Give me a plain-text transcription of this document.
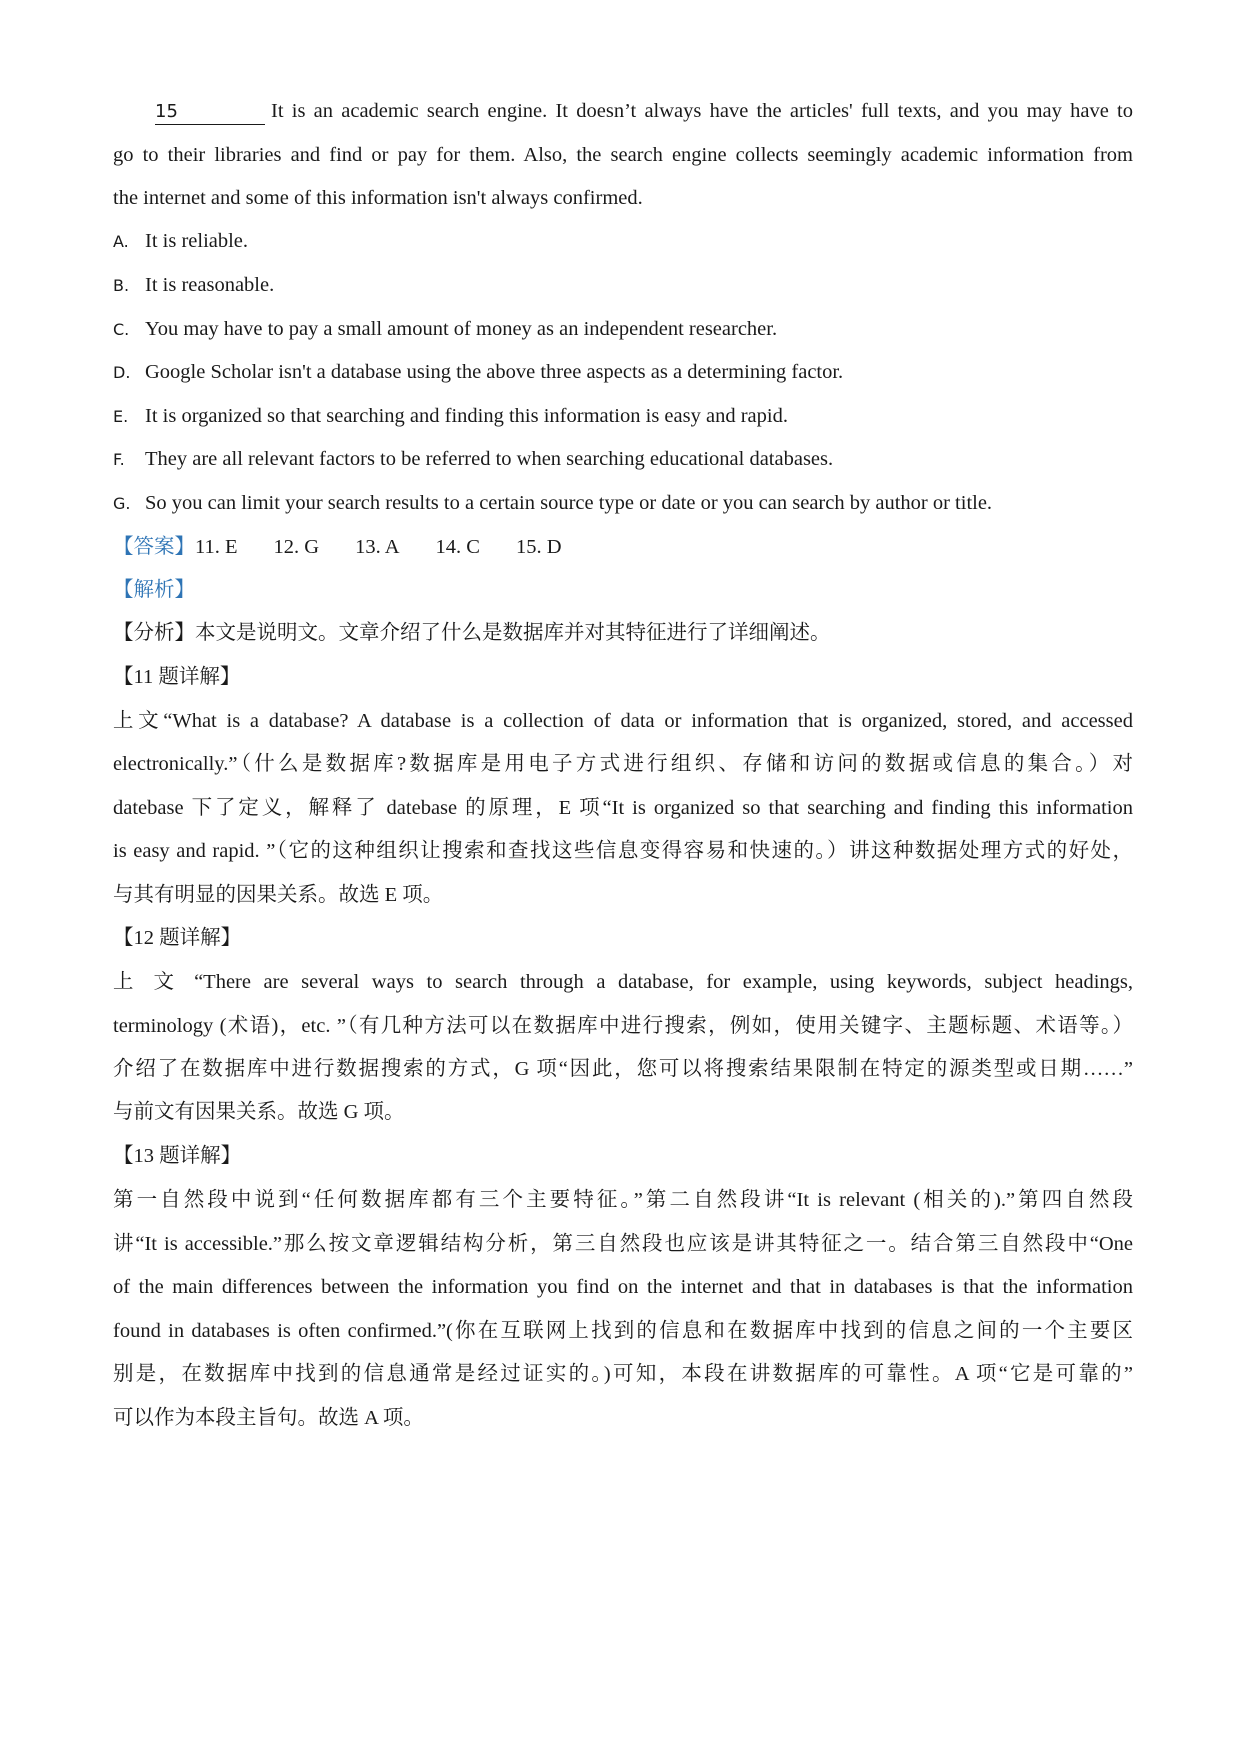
15	It is an academic search engine. It doesn’t always have the articles' full texts, and you may have to
go to their libraries and find or pay for them. Also, the search engine collects seemingly academic information from
the internet and some of this information isn't always confirmed.
A. It is reliable.
B. It is reasonable.
C. You may have to pay a small amount of money as an independent researcher.
D. Google Scholar isn't a database using the above three aspects as a determining factor.
E. It is organized so that searching and finding this information is easy and rapid.
F. They are all relevant factors to be referred to when searching educational databases.
G. So you can limit your search results to a certain source type or date or you can search by author or title.
【答案】11. E 12. G 13. A 14. C 15. D
【解析】
【分析】本文是说明文。文章介绍了什么是数据库并对其特征进行了详细阐述。
【11 题详解】
上文“What is a database? A database is a collection of data or information that is organized, stored, and accessed
electronically.”（什么是数据库?数据库是用电子方式进行组织、存储和访问的数据或信息的集合。）对
datebase 下了定义，解释了 datebase 的原理，E 项“It is organized so that searching and finding this information
is easy and rapid. ”（它的这种组织让搜索和查找这些信息变得容易和快速的。）讲这种数据处理方式的好处，
与其有明显的因果关系。故选 E 项。
【12 题详解】
上 文 “There are several ways to search through a database, for example, using keywords, subject headings,
terminology (术语)，etc. ”（有几种方法可以在数据库中进行搜索，例如，使用关键字、主题标题、术语等。）
介绍了在数据库中进行数据搜索的方式，G 项“因此，您可以将搜索结果限制在特定的源类型或日期……”
与前文有因果关系。故选 G 项。
【13 题详解】
第一自然段中说到“任何数据库都有三个主要特征。”第二自然段讲“It is relevant (相关的).”第四自然段
讲“It is accessible.”那么按文章逻辑结构分析，第三自然段也应该是讲其特征之一。结合第三自然段中“One
of the main differences between the information you find on the internet and that in databases is that the information
found in databases is often confirmed.”(你在互联网上找到的信息和在数据库中找到的信息之间的一个主要区
别是，在数据库中找到的信息通常是经过证实的。)可知，本段在讲数据库的可靠性。A 项“它是可靠的”
可以作为本段主旨句。故选 A 项。
